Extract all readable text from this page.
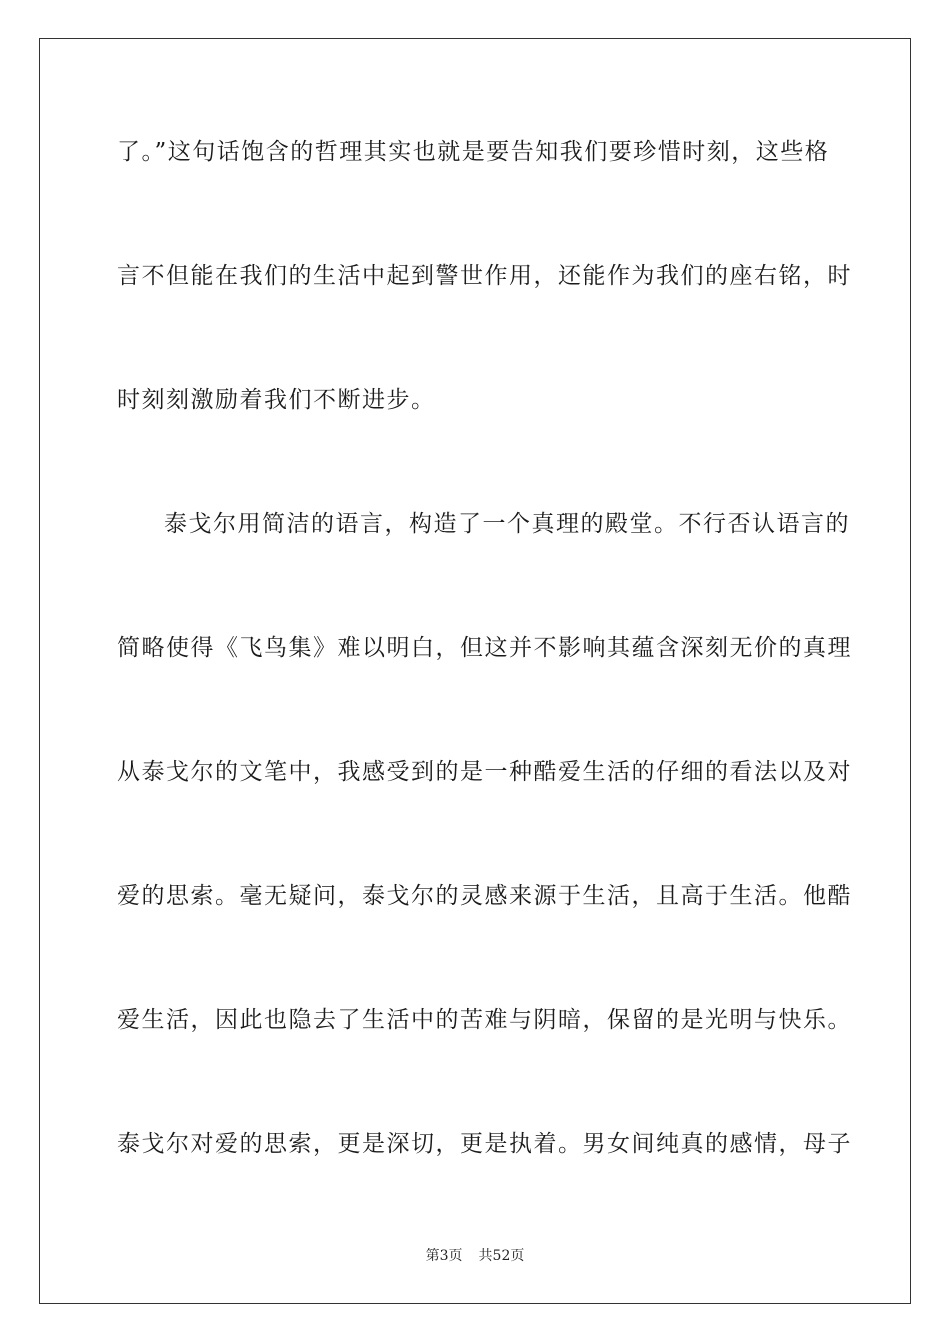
了。”这句话饱含的哲理其实也就是要告知我们要珍惜时刻，这些格
言不但能在我们的生活中起到警世作用，还能作为我们的座右铭，时
时刻刻激励着我们不断进步。
泰戈尔用简洁的语言，构造了一个真理的殿堂。不行否认语言的
简略使得《飞鸟集》难以明白，但这并不影响其蕴含深刻无价的真理
从泰戈尔的文笔中，我感受到的是一种酷爱生活的仔细的看法以及对
爱的思索。毫无疑问，泰戈尔的灵感来源于生活，且高于生活。他酷
爱生活，因此也隐去了生活中的苦难与阴暗，保留的是光明与快乐。
泰戈尔对爱的思索，更是深切，更是执着。男女间纯真的感情，母子
第3页 共52页
